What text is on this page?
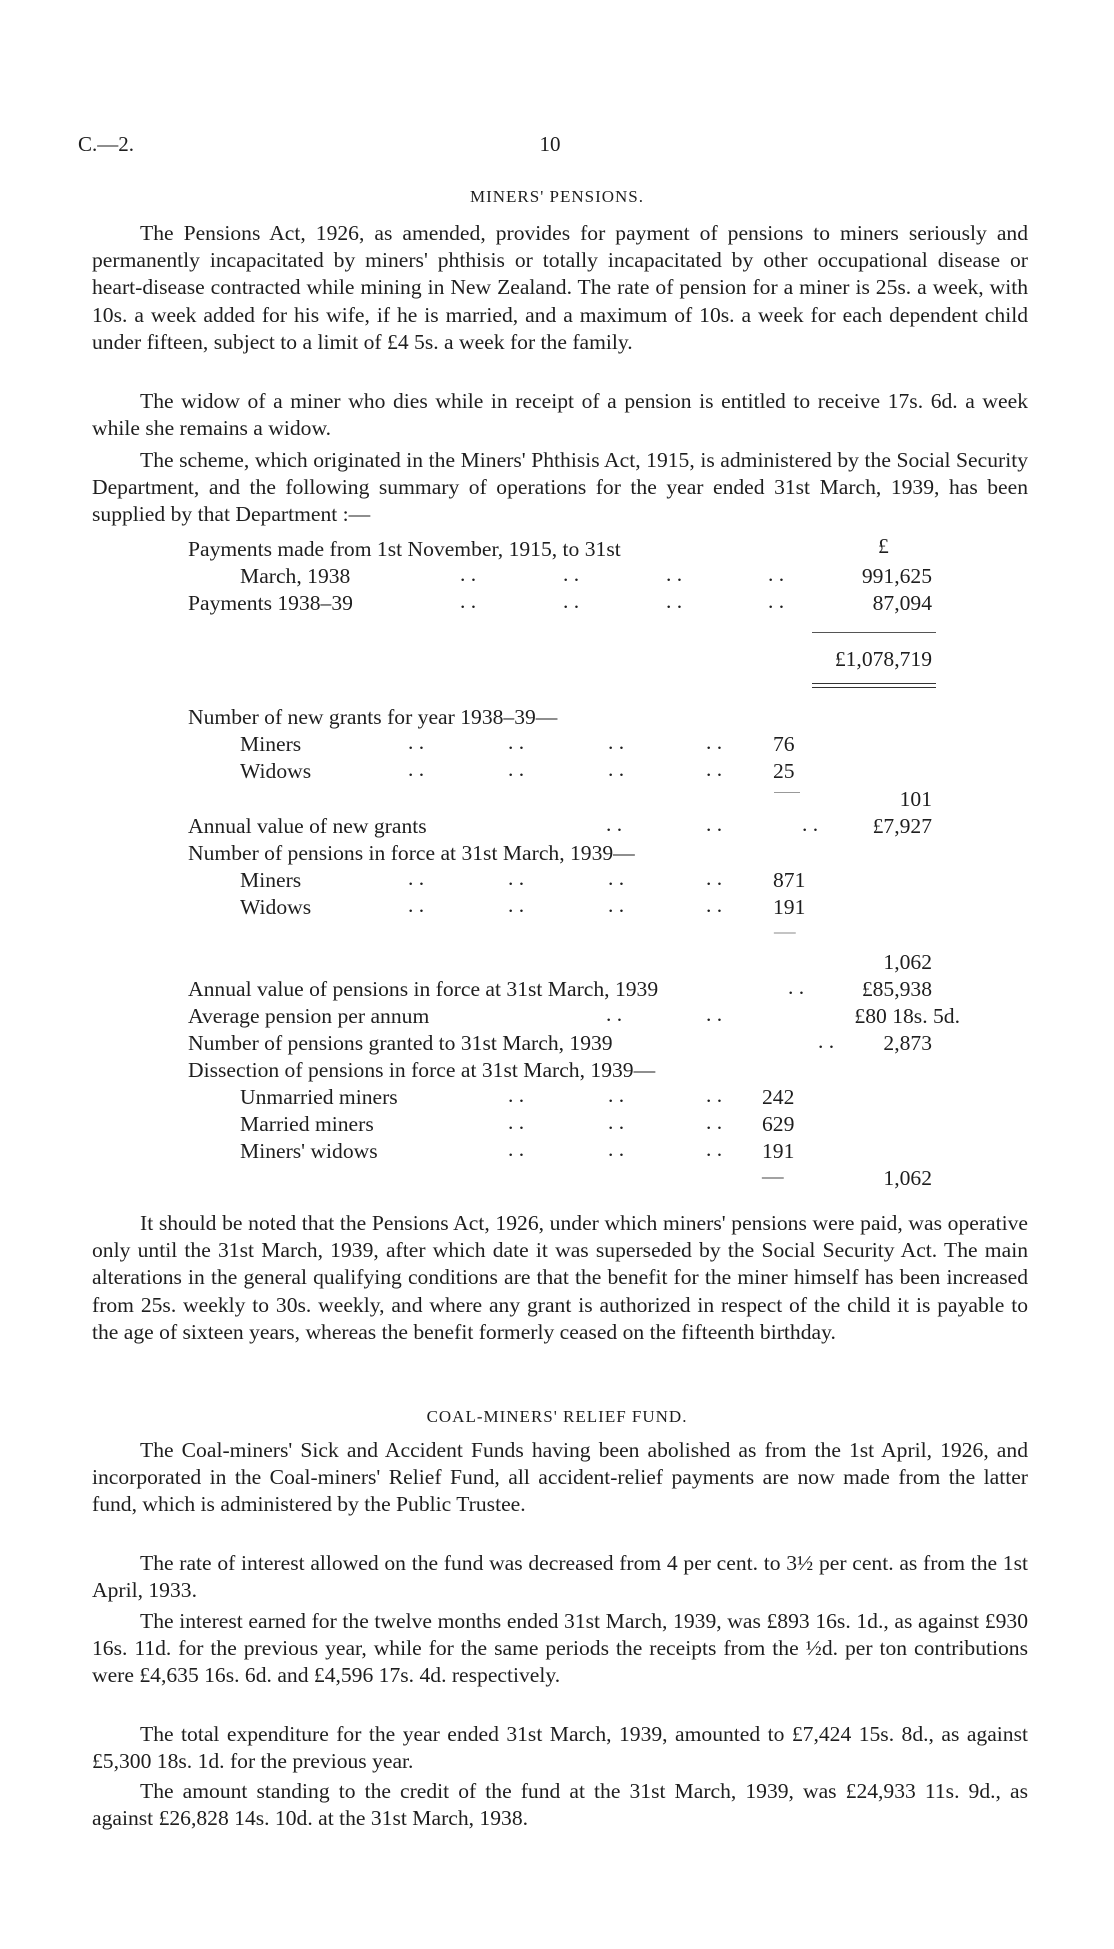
C.—2.	10
MINERS' PENSIONS.
The Pensions Act, 1926, as amended, provides for payment of pensions to miners seriously and permanently incapacitated by miners' phthisis or totally incapacitated by other occupational disease or heart-disease contracted while mining in New Zealand. The rate of pension for a miner is 25s. a week, with 10s. a week added for his wife, if he is married, and a maximum of 10s. a week for each dependent child under fifteen, subject to a limit of £4 5s. a week for the family.
The widow of a miner who dies while in receipt of a pension is entitled to receive 17s. 6d. a week while she remains a widow.
The scheme, which originated in the Miners' Phthisis Act, 1915, is administered by the Social Security Department, and the following summary of operations for the year ended 31st March, 1939, has been supplied by that Department :—
Payments made from 1st November, 1915, to 31st	£
March, 1938	. .	. .	. .	. .	991,625
Payments 1938–39	. .	. .	. .	. .	87,094
£1,078,719
Number of new grants for year 1938–39—
Miners	. .	. .	. .	. . 76
Widows	. .	. .	. .	. . 25
101
Annual value of new grants	. .	. .	. .	£7,927
Number of pensions in force at 31st March, 1939—
Miners	. .	. .	. .	. . 871
Widows	. .	. .	. .	. . 191
—
1,062
Annual value of pensions in force at 31st March, 1939	. .	£85,938
Average pension per annum	. .	. .	£80 18s. 5d.
Number of pensions granted to 31st March, 1939	. .	2,873
Dissection of pensions in force at 31st March, 1939—
Unmarried miners	. .	. .	. . 242
Married miners	. .	. .	. . 629
Miners' widows	. .	. .	. . 191
—	1,062
It should be noted that the Pensions Act, 1926, under which miners' pensions were paid, was operative only until the 31st March, 1939, after which date it was superseded by the Social Security Act. The main alterations in the general qualifying conditions are that the benefit for the miner himself has been increased from 25s. weekly to 30s. weekly, and where any grant is authorized in respect of the child it is payable to the age of sixteen years, whereas the benefit formerly ceased on the fifteenth birthday.
COAL-MINERS' RELIEF FUND.
The Coal-miners' Sick and Accident Funds having been abolished as from the 1st April, 1926, and incorporated in the Coal-miners' Relief Fund, all accident-relief payments are now made from the latter fund, which is administered by the Public Trustee.
The rate of interest allowed on the fund was decreased from 4 per cent. to 3½ per cent. as from the 1st April, 1933.
The interest earned for the twelve months ended 31st March, 1939, was £893 16s. 1d., as against £930 16s. 11d. for the previous year, while for the same periods the receipts from the ½d. per ton contributions were £4,635 16s. 6d. and £4,596 17s. 4d. respectively.
The total expenditure for the year ended 31st March, 1939, amounted to £7,424 15s. 8d., as against £5,300 18s. 1d. for the previous year.
The amount standing to the credit of the fund at the 31st March, 1939, was £24,933 11s. 9d., as against £26,828 14s. 10d. at the 31st March, 1938.
